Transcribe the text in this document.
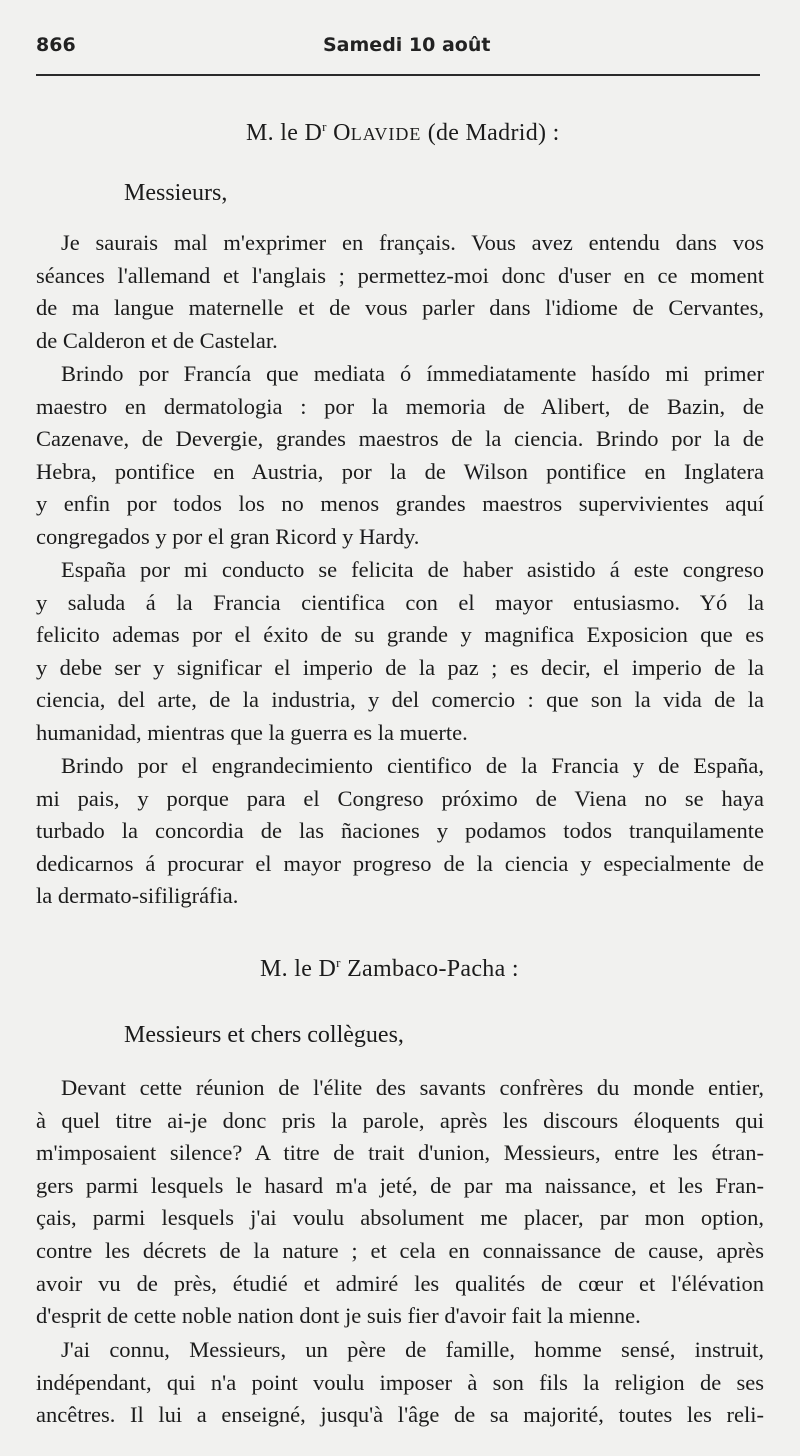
866	Samedi 10 août
M. le $D^r$ OLAVIDE (de Madrid) :
Messieurs,
Je saurais mal m'exprimer en français. Vous avez entendu dans vos
séances l'allemand et l'anglais ; permettez-moi donc d'user en ce moment
de ma langue maternelle et de vous parler dans l'idiome de Cervantes,
de Calderon et de Castelar.
Brindo por Francía que mediata ó ímmediatamente hasído mi primer
maestro en dermatologia : por la memoria de Alibert, de Bazin, de
Cazenave, de Devergie, grandes maestros de la ciencia. Brindo por la de
Hebra, pontifice en Austria, por la de Wilson pontifice en Inglatera
y enfin por todos los no menos grandes maestros supervivientes aquí
congregados y por el gran Ricord y Hardy.
España por mi conducto se felicita de haber asistido á este congreso
y saluda á la Francia cientifica con el mayor entusiasmo. Yó la
felicito ademas por el éxito de su grande y magnifica Exposicion que es
y debe ser y significar el imperio de la paz ; es decir, el imperio de la
ciencia, del arte, de la industria, y del comercio : que son la vida de la
humanidad, mientras que la guerra es la muerte.
Brindo por el engrandecimiento cientifico de la Francia y de España,
mi pais, y porque para el Congreso próximo de Viena no se haya
turbado la concordia de las ñaciones y podamos todos tranquilamente
dedicarnos á procurar el mayor progreso de la ciencia y especialmente de
la dermato-sifiligráfia.
M. le $D^r$ Zambaco-Pacha :
Messieurs et chers collègues,
Devant cette réunion de l'élite des savants confrères du monde entier,
à quel titre ai-je donc pris la parole, après les discours éloquents qui
m'imposaient silence? A titre de trait d'union, Messieurs, entre les étran-
gers parmi lesquels le hasard m'a jeté, de par ma naissance, et les Fran-
çais, parmi lesquels j'ai voulu absolument me placer, par mon option,
contre les décrets de la nature ; et cela en connaissance de cause, après
avoir vu de près, étudié et admiré les qualités de cœur et l'élévation
d'esprit de cette noble nation dont je suis fier d'avoir fait la mienne.
J'ai connu, Messieurs, un père de famille, homme sensé, instruit,
indépendant, qui n'a point voulu imposer à son fils la religion de ses
ancêtres. Il lui a enseigné, jusqu'à l'âge de sa majorité, toutes les reli-
